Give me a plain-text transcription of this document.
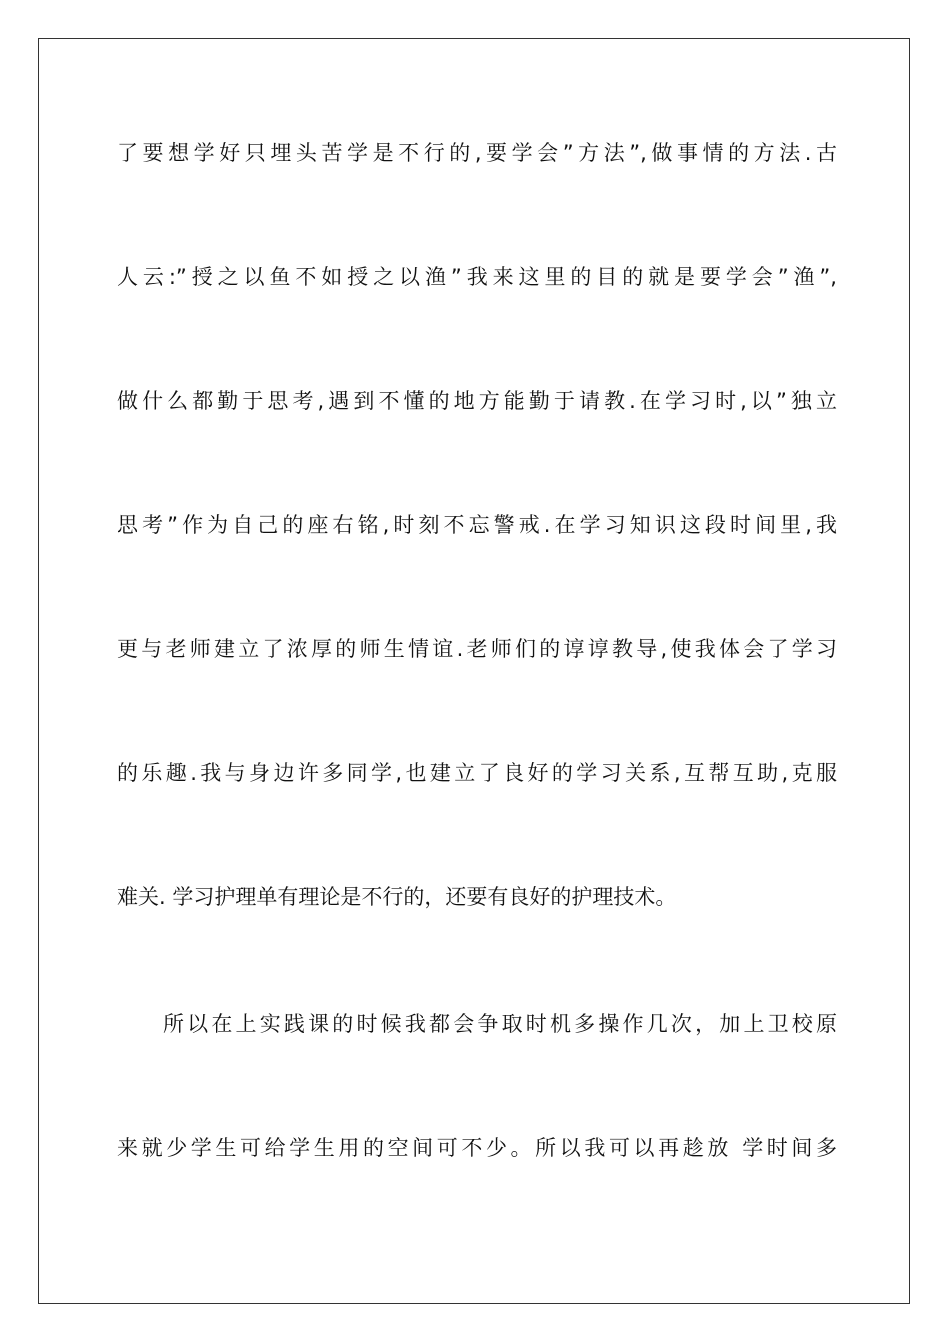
了要想学好只埋头苦学是不行的,要学会”方法”,做事情的方法.古
人云:”授之以鱼不如授之以渔”我来这里的目的就是要学会”渔”,
做什么都勤于思考,遇到不懂的地方能勤于请教.在学习时,以”独立
思考”作为自己的座右铭,时刻不忘警戒.在学习知识这段时间里,我
更与老师建立了浓厚的师生情谊.老师们的谆谆教导,使我体会了学习
的乐趣.我与身边许多同学,也建立了良好的学习关系,互帮互助,克服
难关. 学习护理单有理论是不行的，还要有良好的护理技术。
所以在上实践课的时候我都会争取时机多操作几次，加上卫校原
来就少学生可给学生用的空间可不少。所以我可以再趁放 学时间多
